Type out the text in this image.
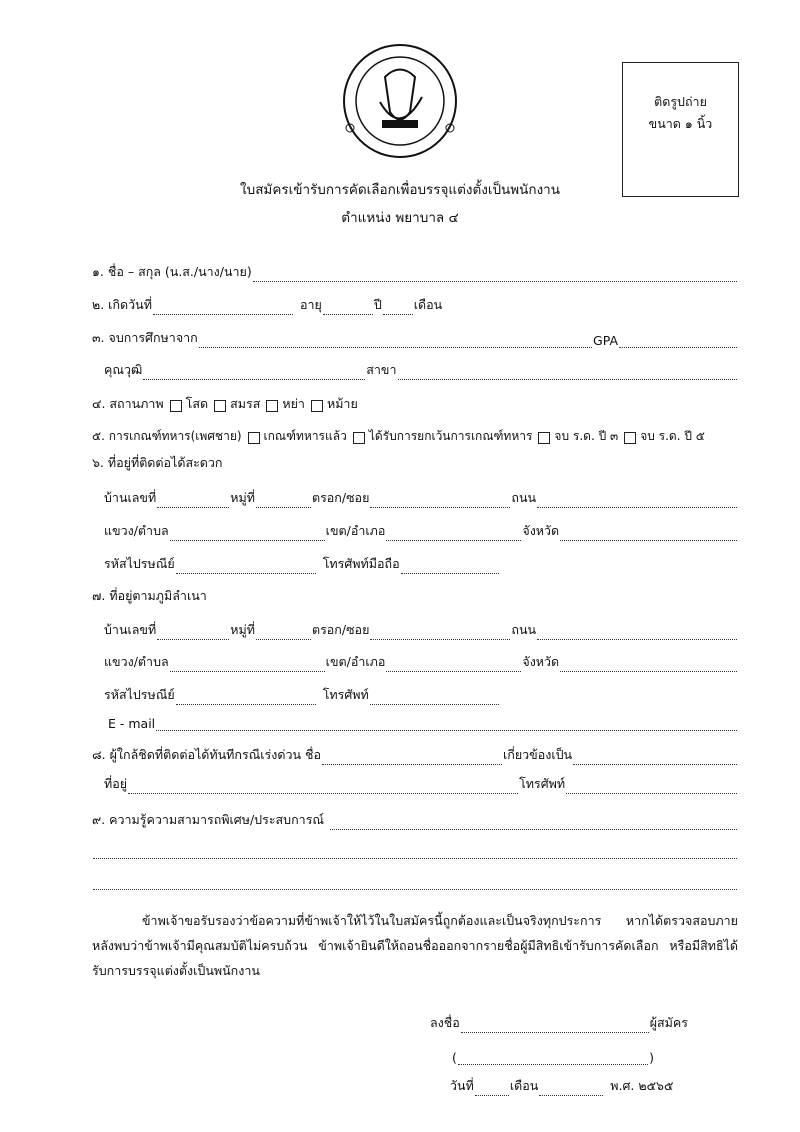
ติดรูปถ่าย
ขนาด ๑ นิ้ว
ใบสมัครเข้ารับการคัดเลือกเพื่อบรรจุแต่งตั้งเป็นพนักงาน
ตำแหน่ง พยาบาล ๔
๑. ชื่อ – สกุล (น.ส./นาง/นาย)
๒. เกิดวันที่	อายุ	ปี	เดือน
๓. จบการศึกษาจาก	GPA
คุณวุฒิ	สาขา
๔. สถานภาพ โสด สมรส หย่า หม้าย
๕. การเกณฑ์ทหาร(เพศชาย) เกณฑ์ทหารแล้ว ได้รับการยกเว้นการเกณฑ์ทหาร จบ ร.ด. ปี ๓ จบ ร.ด. ปี ๕
๖. ที่อยู่ที่ติดต่อได้สะดวก
บ้านเลขที่	หมู่ที่	ตรอก/ซอย	ถนน
แขวง/ตำบล	เขต/อำเภอ	จังหวัด
รหัสไปรษณีย์	โทรศัพท์มือถือ
๗. ที่อยู่ตามภูมิลำเนา
บ้านเลขที่	หมู่ที่	ตรอก/ซอย	ถนน
แขวง/ตำบล	เขต/อำเภอ	จังหวัด
รหัสไปรษณีย์	โทรศัพท์
E - mail
๘. ผู้ใกล้ชิดที่ติดต่อได้ทันทีกรณีเร่งด่วน ชื่อ	เกี่ยวข้องเป็น
ที่อยู่	โทรศัพท์
๙. ความรู้ความสามารถพิเศษ/ประสบการณ์
ข้าพเจ้าขอรับรองว่าข้อความที่ข้าพเจ้าให้ไว้ในใบสมัครนี้ถูกต้องและเป็นจริงทุกประการ หากได้ตรวจสอบภายหลังพบว่าข้าพเจ้ามีคุณสมบัติไม่ครบถ้วน ข้าพเจ้ายินดีให้ถอนชื่อออกจากรายชื่อผู้มีสิทธิเข้ารับการคัดเลือก หรือมีสิทธิได้รับการบรรจุแต่งตั้งเป็นพนักงาน
ลงชื่อ	ผู้สมัคร
(	)
วันที่	เดือน	พ.ศ. ๒๕๖๕
